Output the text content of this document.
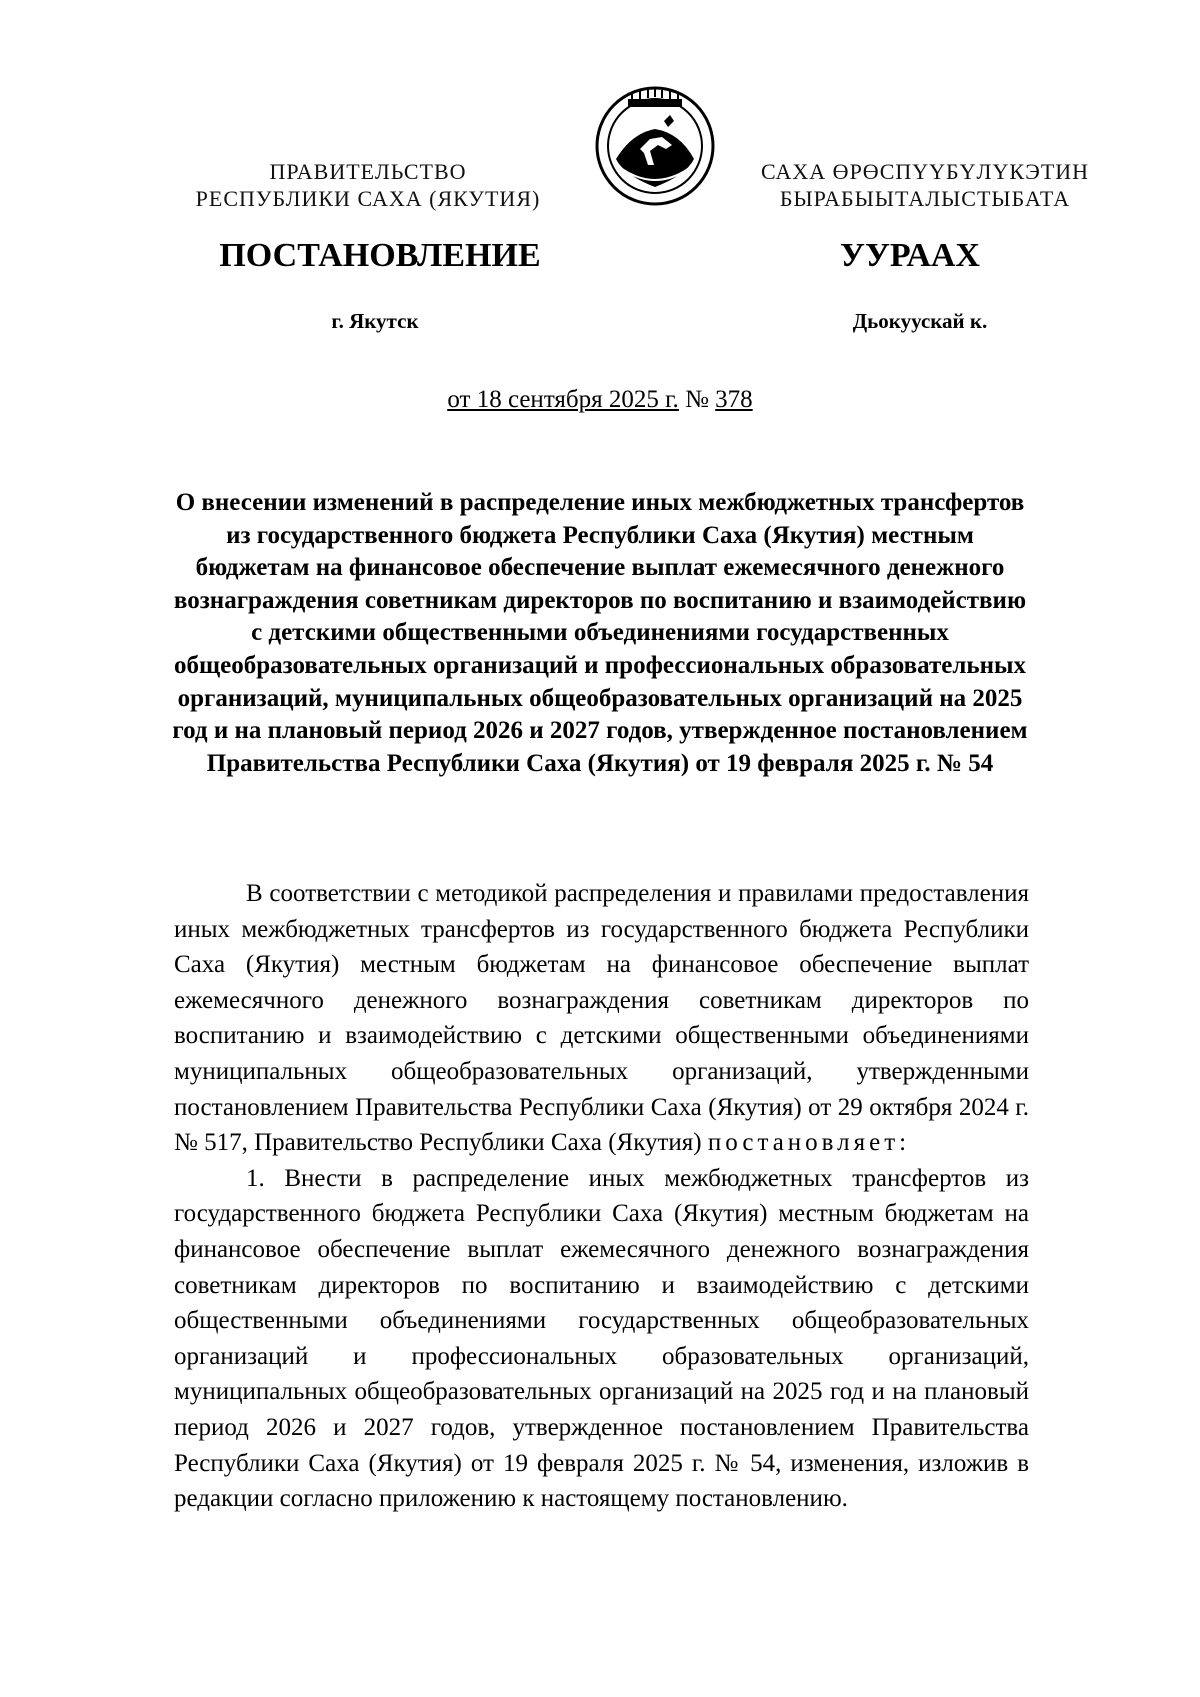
ПРАВИТЕЛЬСТВО
РЕСПУБЛИКИ САХА (ЯКУТИЯ)
САХА ӨРӨСПҮҮБҮЛҮКЭТИН
БЫРАБЫЫТАЛЫСТЫБАТА
ПОСТАНОВЛЕНИЕ	УУРААХ
г. Якутск	Дьокуускай к.
от 18 сентября 2025 г. № 378
О внесении изменений в распределение иных межбюджетных трансфертов из государственного бюджета Республики Саха (Якутия) местным бюджетам на финансовое обеспечение выплат ежемесячного денежного вознаграждения советникам директоров по воспитанию и взаимодействию с детскими общественными объединениями государственных общеобразовательных организаций и профессиональных образовательных организаций, муниципальных общеобразовательных организаций на 2025 год и на плановый период 2026 и 2027 годов, утвержденное постановлением Правительства Республики Саха (Якутия) от 19 февраля 2025 г. № 54

В соответствии с методикой распределения и правилами предоставления иных межбюджетных трансфертов из государственного бюджета Республики Саха (Якутия) местным бюджетам на финансовое обеспечение выплат ежемесячного денежного вознаграждения советникам директоров по воспитанию и взаимодействию с детскими общественными объединениями муниципальных общеобразовательных организаций, утвержденными постановлением Правительства Республики Саха (Якутия) от 29 октября 2024 г. № 517, Правительство Республики Саха (Якутия) постановляет:

1. Внести в распределение иных межбюджетных трансфертов из государственного бюджета Республики Саха (Якутия) местным бюджетам на финансовое обеспечение выплат ежемесячного денежного вознаграждения советникам директоров по воспитанию и взаимодействию с детскими общественными объединениями государственных общеобразовательных организаций и профессиональных образовательных организаций, муниципальных общеобразовательных организаций на 2025 год и на плановый период 2026 и 2027 годов, утвержденное постановлением Правительства Республики Саха (Якутия) от 19 февраля 2025 г. № 54, изменения, изложив в редакции согласно приложению к настоящему постановлению.
